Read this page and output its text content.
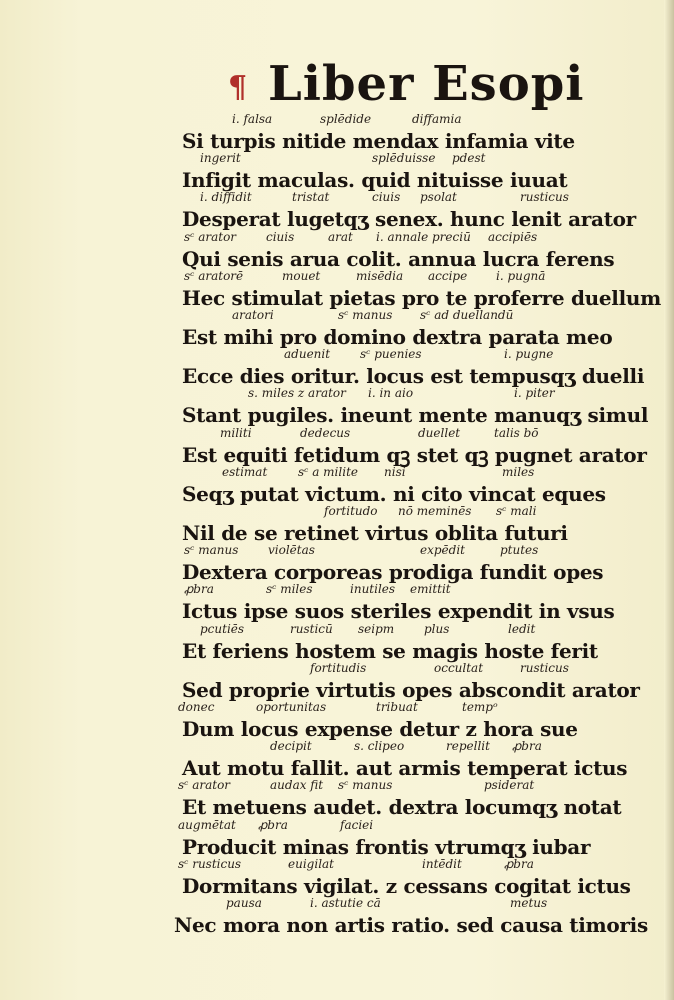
¶ Liber Esopi
i. falsa	splēdide	diffamia
Si turpis nitide mendax infamia vite
ingerit	splēduisse pdest
Infigit maculas. quid nituisse iuuat
i. diffidit	tristat	ciuis psolat	rusticus
Desperat lugetqʒ senex. hunc lenit arator
sᶜ arator ciuis	arat i. annale preciū accipiēs
Qui senis arua colit. annua lucra ferens
sᶜ aratorē	mouet	misēdia accipe i. pugnā
Hec stimulat pietas pro te proferre duellum
aratori	sᶜ manus sᶜ ad duellandū
Est mihi pro domino dextra parata meo
aduenit sᶜ puenies	i. pugne
Ecce dies oritur. locus est tempusqʒ duelli
s. miles z arator i. in aio	i. piter
Stant pugiles. ineunt mente manuqʒ simul
militi	dedecus	duellet	talis bō
Est equiti fetidum qꝫ stet qꝫ pugnet arator
estimat	sᶜ a milite nisi	miles
Seqʒ putat victum. ni cito vincat eques
fortitudo nō meminēs sᶜ mali
Nil de se retinet virtus oblita futuri
sᶜ manus violētas	expēdit	ptutes
Dextera corporeas prodiga fundit opes
ꝓbra	sᶜ miles	inutiles emittit
Ictus ipse suos steriles expendit in vsus
pcutiēs	rusticū seipm plus	ledit
Et feriens hostem se magis hoste ferit
fortitudis	occultat	rusticus
Sed proprie virtutis opes abscondit arator
donec	oportunitas	tribuat	tempᵒ
Dum locus expense detur z hora sue
decipit	s. clipeo	repellit ꝓbra
Aut motu fallit. aut armis temperat ictus
sᶜ arator	audax fit sᶜ manus	psiderat
Et metuens audet. dextra locumqʒ notat
augmētat ꝓbra	faciei
Producit minas frontis vtrumqʒ iubar
sᶜ rusticus	euigilat	intēdit	ꝓbra
Dormitans vigilat. z cessans cogitat ictus
pausa	i. astutie cā	metus
Nec mora non artis ratio. sed causa timoris
